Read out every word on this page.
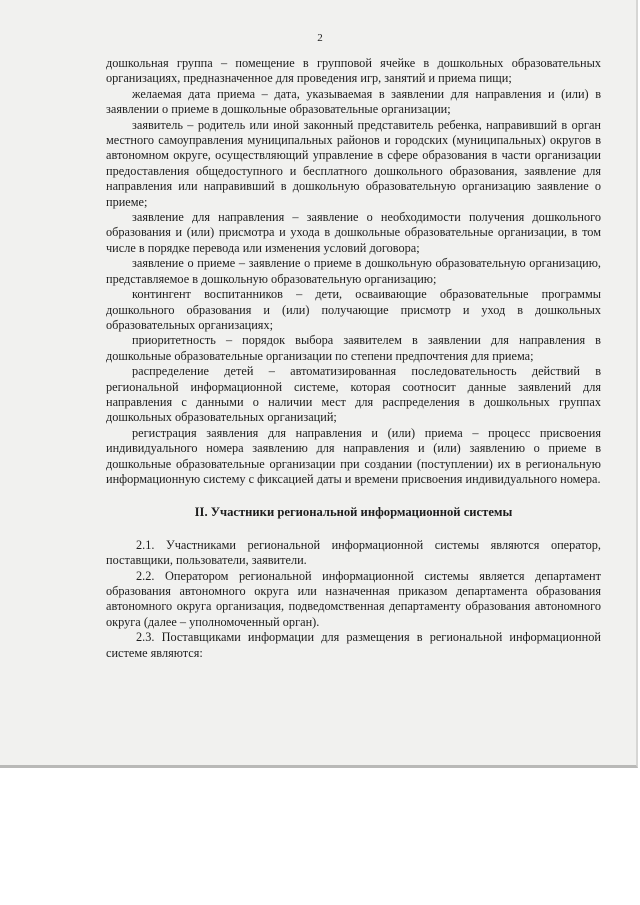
2

дошкольная группа – помещение в групповой ячейке в дошкольных образовательных организациях, предназначенное для проведения игр, занятий и приема пищи;

желаемая дата приема – дата, указываемая в заявлении для направления и (или) в заявлении о приеме в дошкольные образовательные организации;

заявитель – родитель или иной законный представитель ребенка, направивший в орган местного самоуправления муниципальных районов и городских (муниципальных) округов в автономном округе, осуществляющий управление в сфере образования в части организации предоставления общедоступного и бесплатного дошкольного образования, заявление для направления или направивший в дошкольную образовательную организацию заявление о приеме;

заявление для направления – заявление о необходимости получения дошкольного образования и (или) присмотра и ухода в дошкольные образовательные организации, в том числе в порядке перевода или изменения условий договора;

заявление о приеме – заявление о приеме в дошкольную образовательную организацию, представляемое в дошкольную образовательную организацию;

контингент воспитанников – дети, осваивающие образовательные программы дошкольного образования и (или) получающие присмотр и уход в дошкольных образовательных организациях;

приоритетность – порядок выбора заявителем в заявлении для направления в дошкольные образовательные организации по степени предпочтения для приема;

распределение детей – автоматизированная последовательность действий в региональной информационной системе, которая соотносит данные заявлений для направления с данными о наличии мест для распределения в дошкольных группах дошкольных образовательных организаций;

регистрация заявления для направления и (или) приема – процесс присвоения индивидуального номера заявлению для направления и (или) заявлению о приеме в дошкольные образовательные организации при создании (поступлении) их в региональную информационную систему с фиксацией даты и времени присвоения индивидуального номера.

II. Участники региональной информационной системы

2.1. Участниками региональной информационной системы являются оператор, поставщики, пользователи, заявители.

2.2. Оператором региональной информационной системы является департамент образования автономного округа или назначенная приказом департамента образования автономного округа организация, подведомственная департаменту образования автономного округа (далее – уполномоченный орган).

2.3. Поставщиками информации для размещения в региональной информационной системе являются:
